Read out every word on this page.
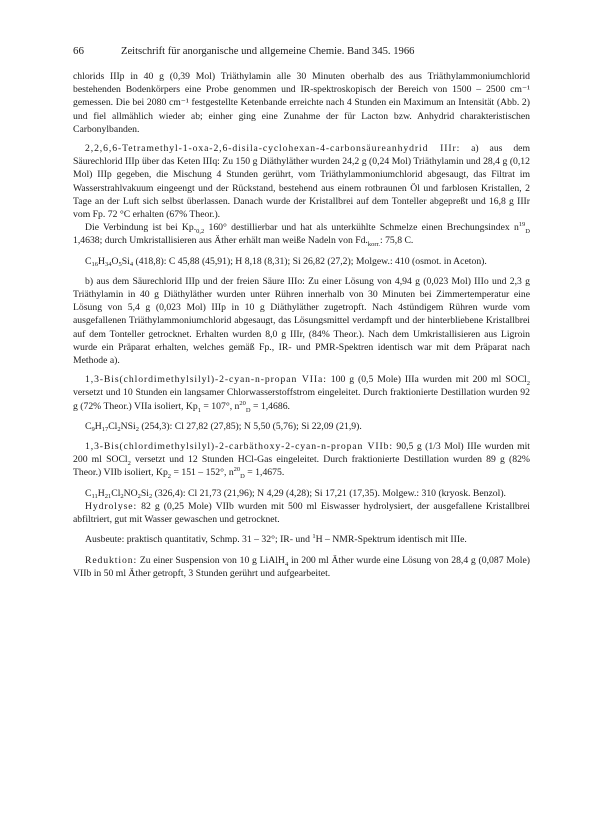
66	Zeitschrift für anorganische und allgemeine Chemie. Band 345. 1966

chlorids IIIp in 40 g (0,39 Mol) Triäthylamin alle 30 Minuten oberhalb des aus Triäthylammoniumchlorid bestehenden Bodenkörpers eine Probe genommen und IR-spektroskopisch der Bereich von 1500 – 2500 cm⁻¹ gemessen. Die bei 2080 cm⁻¹ festgestellte Ketenbande erreichte nach 4 Stunden ein Maximum an Intensität (Abb. 2) und fiel allmählich wieder ab; einher ging eine Zunahme der für Lacton bzw. Anhydrid charakteristischen Carbonylbanden.

2,2,6,6-Tetramethyl-1-oxa-2,6-disila-cyclohexan-4-carbonsäureanhydrid IIIr: a) aus dem Säurechlorid IIIp über das Keten IIIq: Zu 150 g Diäthyläther wurden 24,2 g (0,24 Mol) Triäthylamin und 28,4 g (0,12 Mol) IIIp gegeben, die Mischung 4 Stunden gerührt, vom Triäthylammoniumchlorid abgesaugt, das Filtrat im Wasserstrahlvakuum eingeengt und der Rückstand, bestehend aus einem rotbraunen Öl und farblosen Kristallen, 2 Tage an der Luft sich selbst überlassen. Danach wurde der Kristallbrei auf dem Tonteller abgepreßt und 16,8 g IIIr vom Fp. 72 °C erhalten (67% Theor.).

Die Verbindung ist bei $Kp._{0,2}$ 160° destillierbar und hat als unterkühlte Schmelze einen Brechungsindex $n^{19}_D$ 1,4638; durch Umkristallisieren aus Äther erhält man weiße Nadeln von $Fd._{korr.}$: 75,8 C.

$C_{16}H_{34}O_5Si_4$ (418,8): C 45,88 (45,91); H 8,18 (8,31); Si 26,82 (27,2); Molgew.: 410 (osmot. in Aceton).

b) aus dem Säurechlorid IIIp und der freien Säure IIIo: Zu einer Lösung von 4,94 g (0,023 Mol) IIIo und 2,3 g Triäthylamin in 40 g Diäthyläther wurden unter Rühren innerhalb von 30 Minuten bei Zimmertemperatur eine Lösung von 5,4 g (0,023 Mol) IIIp in 10 g Diäthyläther zugetropft. Nach 4stündigem Rühren wurde vom ausgefallenen Triäthylammoniumchlorid abgesaugt, das Lösungsmittel verdampft und der hinterbliebene Kristallbrei auf dem Tonteller getrocknet. Erhalten wurden 8,0 g IIIr, (84% Theor.). Nach dem Umkristallisieren aus Ligroin wurde ein Präparat erhalten, welches gemäß Fp., IR- und PMR-Spektren identisch war mit dem Präparat nach Methode a).

1,3-Bis(chlordimethylsilyl)-2-cyan-n-propan VIIa: 100 g (0,5 Mole) IIIa wurden mit 200 ml SOCl$_2$ versetzt und 10 Stunden ein langsamer Chlorwasserstoffstrom eingeleitet. Durch fraktionierte Destillation wurden 92 g (72% Theor.) VIIa isoliert, $Kp_1 = 107^\circ$, $n^{20}_D = 1,4686$.

$C_9H_{17}Cl_2NSi_2$ (254,3): Cl 27,82 (27,85); N 5,50 (5,76); Si 22,09 (21,9).

1,3-Bis(chlordimethylsilyl)-2-carbäthoxy-2-cyan-n-propan VIIb: 90,5 g (1/3 Mol) IIIe wurden mit 200 ml SOCl$_2$ versetzt und 12 Stunden HCl-Gas eingeleitet. Durch fraktionierte Destillation wurden 89 g (82% Theor.) VIIb isoliert, $Kp_2 = 151 - 152^\circ$, $n^{20}_D = 1,4675$.

$C_{11}H_{21}Cl_2NO_2Si_2$ (326,4): Cl 21,73 (21,96); N 4,29 (4,28); Si 17,21 (17,35). Molgew.: 310 (kryosk. Benzol).

Hydrolyse: 82 g (0,25 Mole) VIIb wurden mit 500 ml Eiswasser hydrolysiert, der ausgefallene Kristallbrei abfiltriert, gut mit Wasser gewaschen und getrocknet.

Ausbeute: praktisch quantitativ, Schmp. 31 – 32°; IR- und $^1$H – NMR-Spektrum identisch mit IIIe.

Reduktion: Zu einer Suspension von 10 g LiAlH$_4$ in 200 ml Äther wurde eine Lösung von 28,4 g (0,087 Mole) VIIb in 50 ml Äther getropft, 3 Stunden gerührt und aufgearbeitet.
